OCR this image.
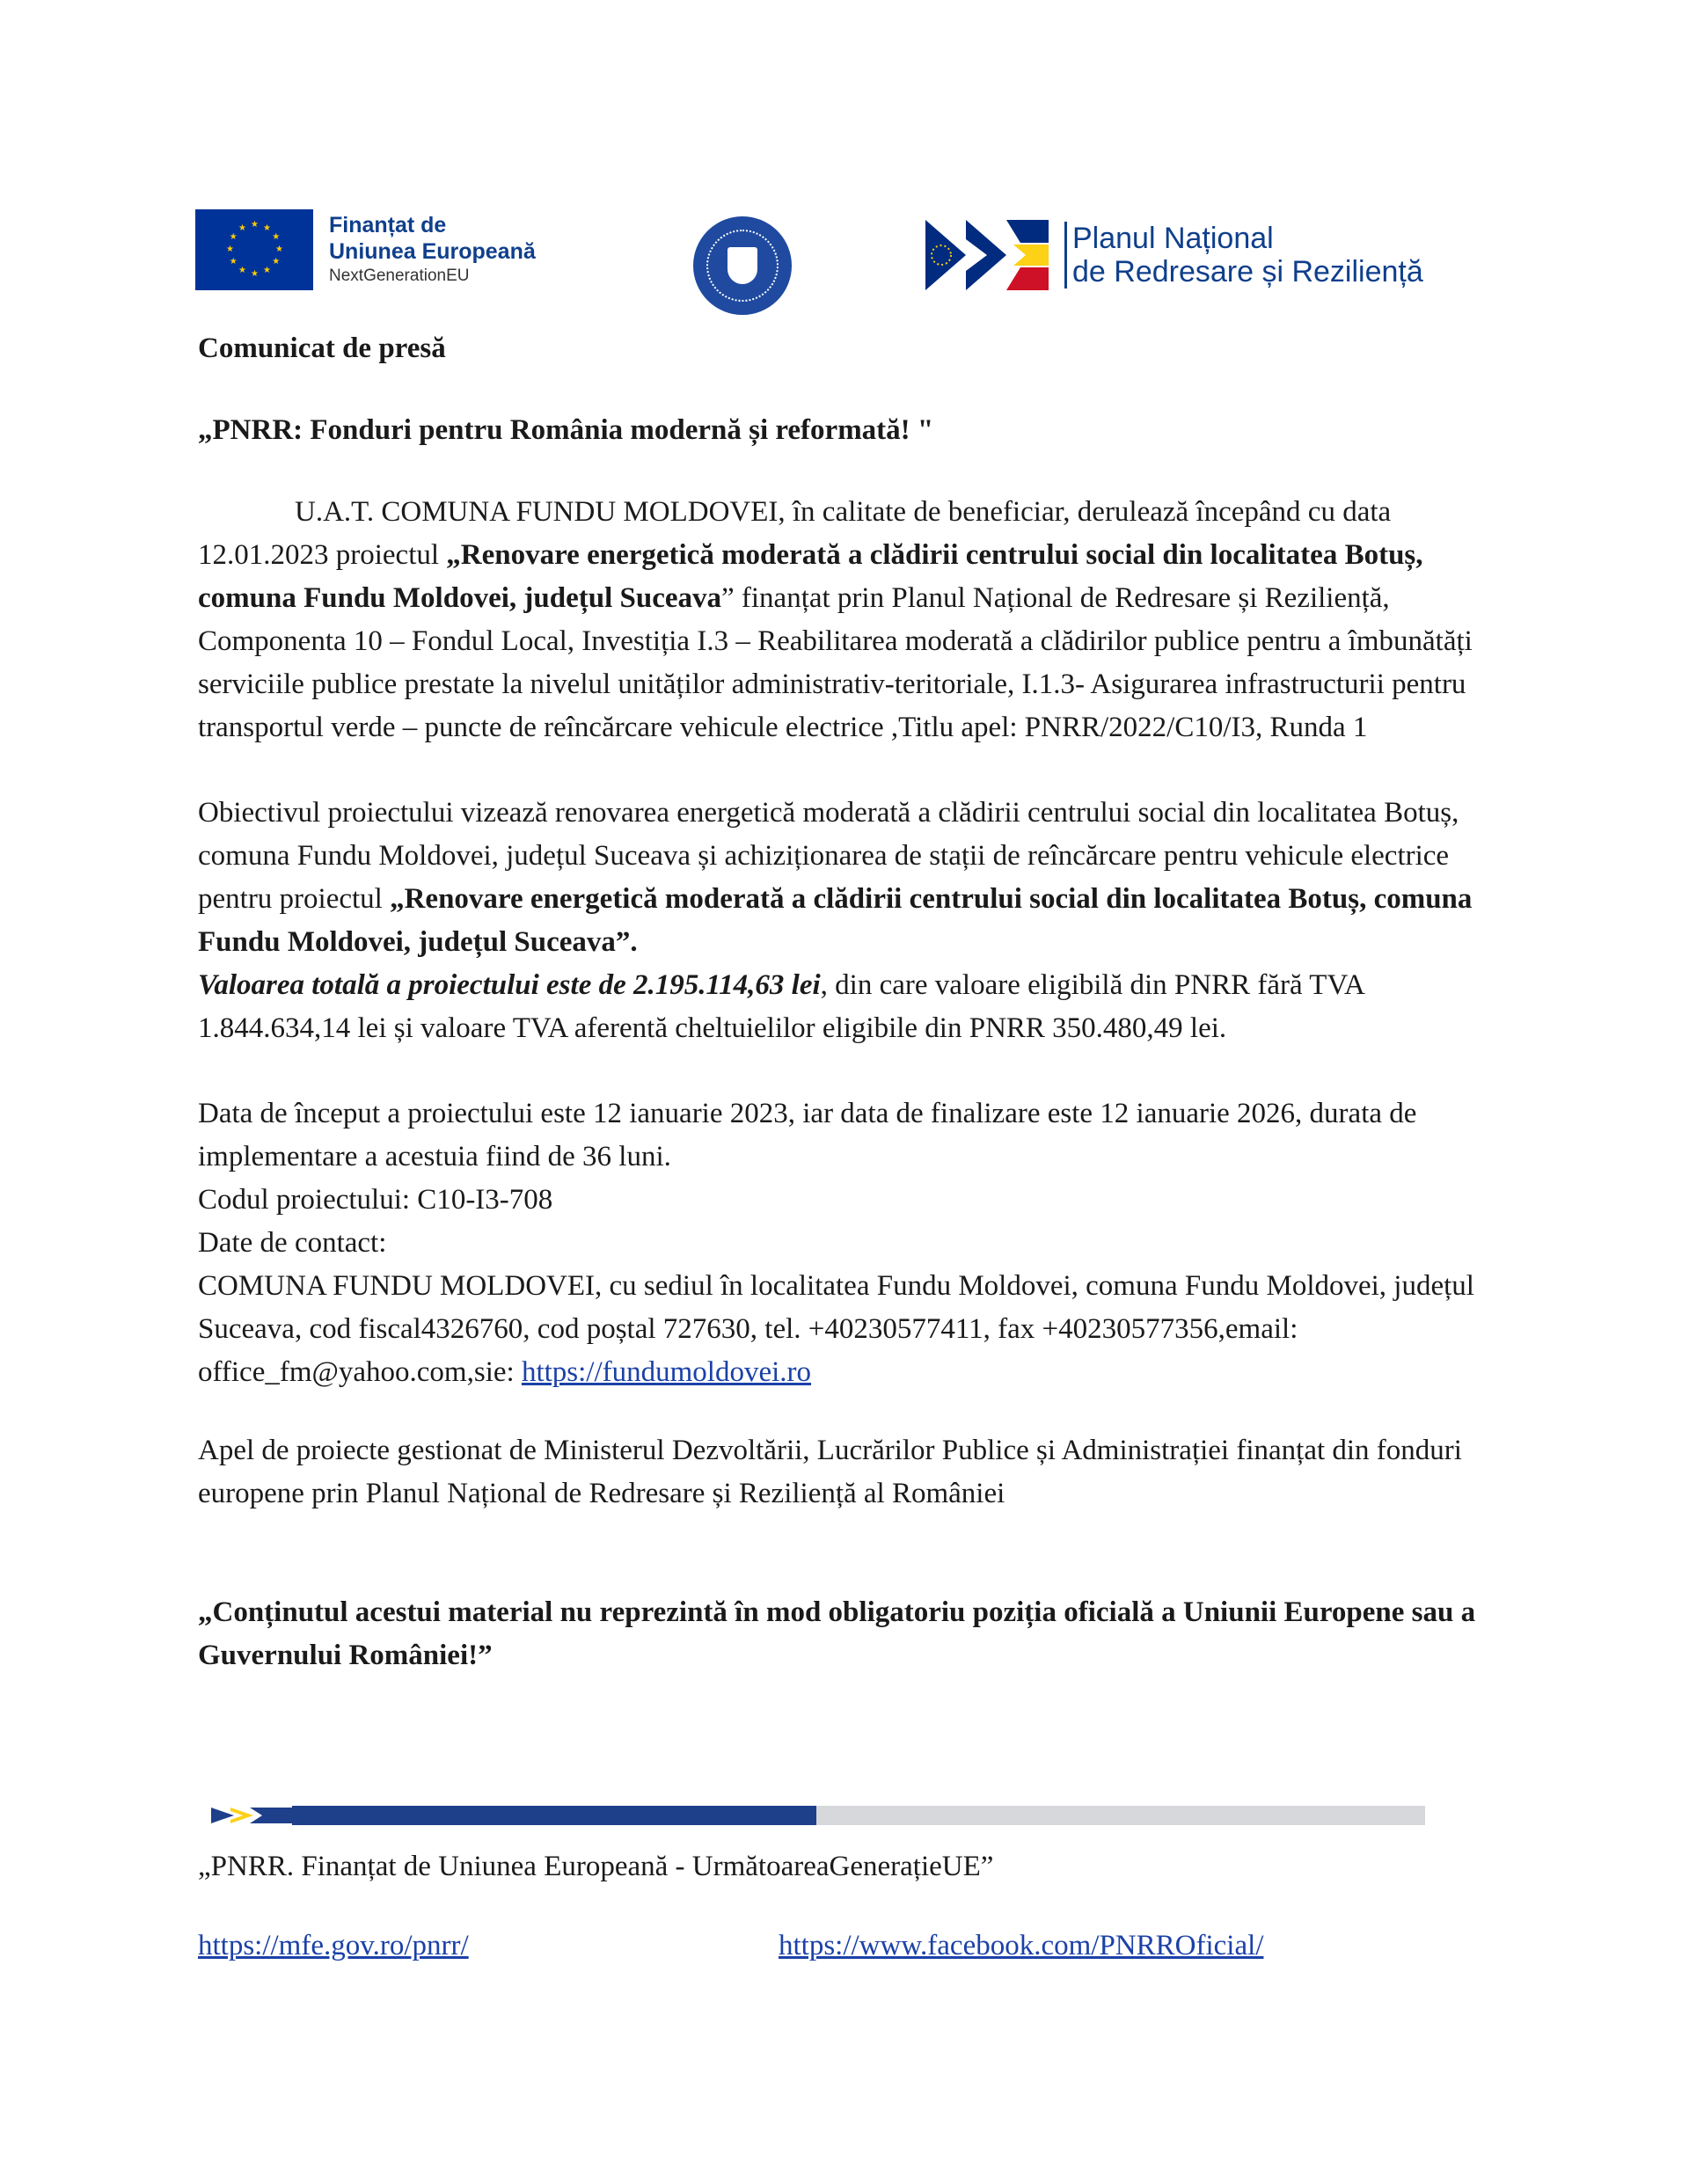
★ ★
★
★
★
★
★
★
★
★
★
★	Finanțat de
Uniunea Europeană
NextGenerationEU
Planul Național
de Redresare și Reziliență

Comunicat de presă

„PNRR: Fonduri pentru România modernă și reformată! "

U.A.T. COMUNA FUNDU MOLDOVEI, în calitate de beneficiar, derulează începând cu data 12.01.2023 proiectul „Renovare energetică moderată a clădirii centrului social din localitatea Botuș, comuna Fundu Moldovei, județul Suceava” finanțat prin Planul Național de Redresare și Reziliență, Componenta 10 – Fondul Local, Investiția I.3 – Reabilitarea moderată a clădirilor publice pentru a îmbunătăți serviciile publice prestate la nivelul unităților administrativ-teritoriale, I.1.3- Asigurarea infrastructurii pentru transportul verde – puncte de reîncărcare vehicule electrice ,Titlu apel: PNRR/2022/C10/I3, Runda 1

Obiectivul proiectului vizează renovarea energetică moderată a clădirii centrului social din localitatea Botuș, comuna Fundu Moldovei, județul Suceava și achiziționarea de stații de reîncărcare pentru vehicule electrice pentru proiectul „Renovare energetică moderată a clădirii centrului social din localitatea Botuș, comuna Fundu Moldovei, județul Suceava”.
Valoarea totală a proiectului este de 2.195.114,63 lei, din care valoare eligibilă din PNRR fără TVA 1.844.634,14 lei și valoare TVA aferentă cheltuielilor eligibile din PNRR 350.480,49 lei.

Data de început a proiectului este 12 ianuarie 2023, iar data de finalizare este 12 ianuarie 2026, durata de implementare a acestuia fiind de 36 luni.

Codul proiectului: C10-I3-708

Date de contact:

COMUNA FUNDU MOLDOVEI, cu sediul în localitatea Fundu Moldovei, comuna Fundu Moldovei, județul Suceava, cod fiscal4326760, cod poștal 727630, tel. +40230577411, fax +40230577356,email: office_fm@yahoo.com,sie: https://fundumoldovei.ro

Apel de proiecte gestionat de Ministerul Dezvoltării, Lucrărilor Publice și Administrației finanțat din fonduri europene prin Planul Național de Redresare și Reziliență al României

„Conținutul acestui material nu reprezintă în mod obligatoriu poziția oficială a Uniunii Europene sau a Guvernului României!”

„PNRR. Finanțat de Uniunea Europeană - UrmătoareaGenerațieUE”
https://mfe.gov.ro/pnrr/	https://www.facebook.com/PNRROficial/
